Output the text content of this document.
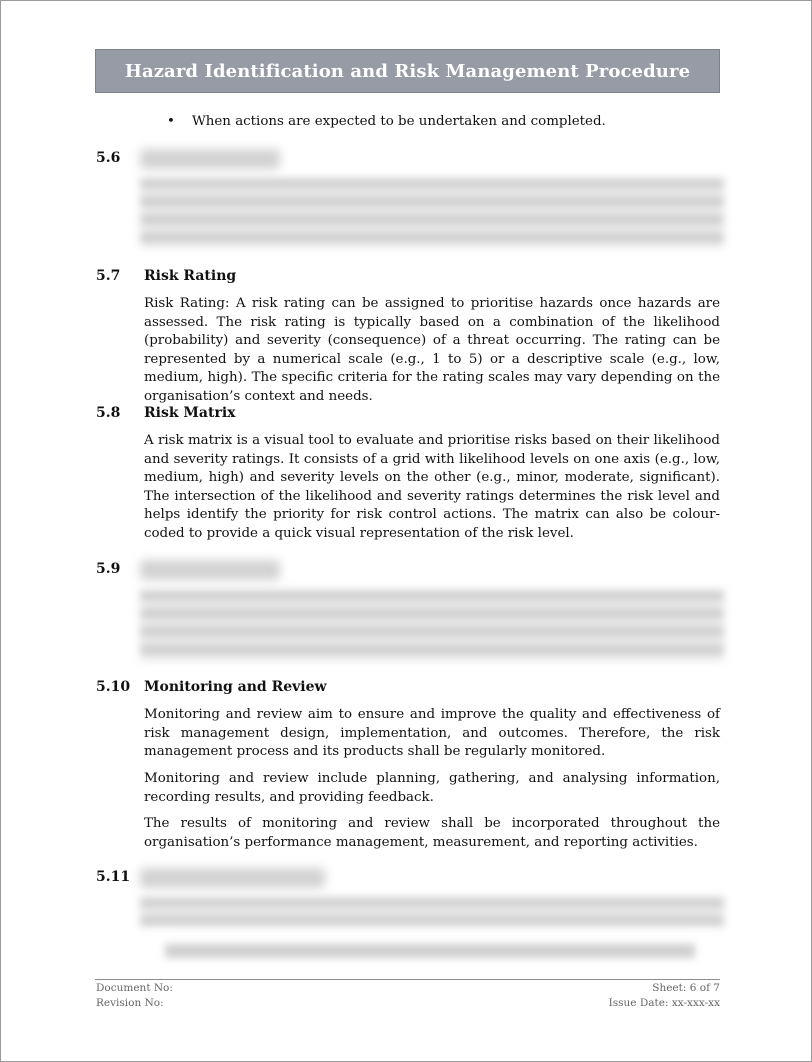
Hazard Identification and Risk Management Procedure
• When actions are expected to be undertaken and completed.
5.6
5.7 Risk Rating

Risk Rating: A risk rating can be assigned to prioritise hazards once hazards are assessed. The risk rating is typically based on a combination of the likelihood (probability) and severity (consequence) of a threat occurring. The rating can be represented by a numerical scale (e.g., 1 to 5) or a descriptive scale (e.g., low, medium, high). The specific criteria for the rating scales may vary depending on the organisation’s context and needs.

5.8 Risk Matrix

A risk matrix is a visual tool to evaluate and prioritise risks based on their likelihood and severity ratings. It consists of a grid with likelihood levels on one axis (e.g., low, medium, high) and severity levels on the other (e.g., minor, moderate, significant). The intersection of the likelihood and severity ratings determines the risk level and helps identify the priority for risk control actions. The matrix can also be colour-coded to provide a quick visual representation of the risk level.

5.9
5.10 Monitoring and Review

Monitoring and review aim to ensure and improve the quality and effectiveness of risk management design, implementation, and outcomes. Therefore, the risk management process and its products shall be regularly monitored.

Monitoring and review include planning, gathering, and analysing information, recording results, and providing feedback.

The results of monitoring and review shall be incorporated throughout the organisation’s performance management, measurement, and reporting activities.

5.11
Document No:
Revision No:
Sheet: 6 of 7
Issue Date: xx-xxx-xx
